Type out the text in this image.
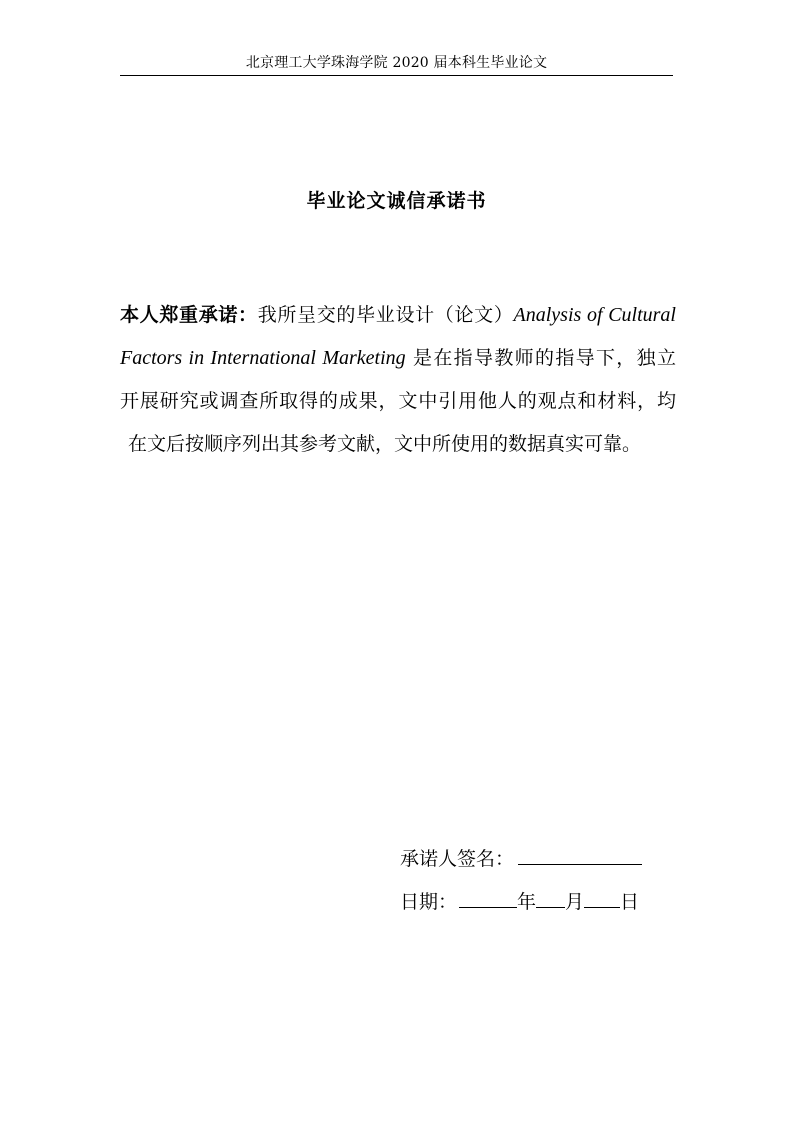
北京理工大学珠海学院 2020 届本科生毕业论文
毕业论文诚信承诺书
本人郑重承诺：我所呈交的毕业设计（论文）Analysis of Cultural
Factors in International Marketing 是在指导教师的指导下，独立
开展研究或调查所取得的成果，文中引用他人的观点和材料，均
在文后按顺序列出其参考文献，文中所使用的数据真实可靠。
承诺人签名：
日期：	年 月 日
